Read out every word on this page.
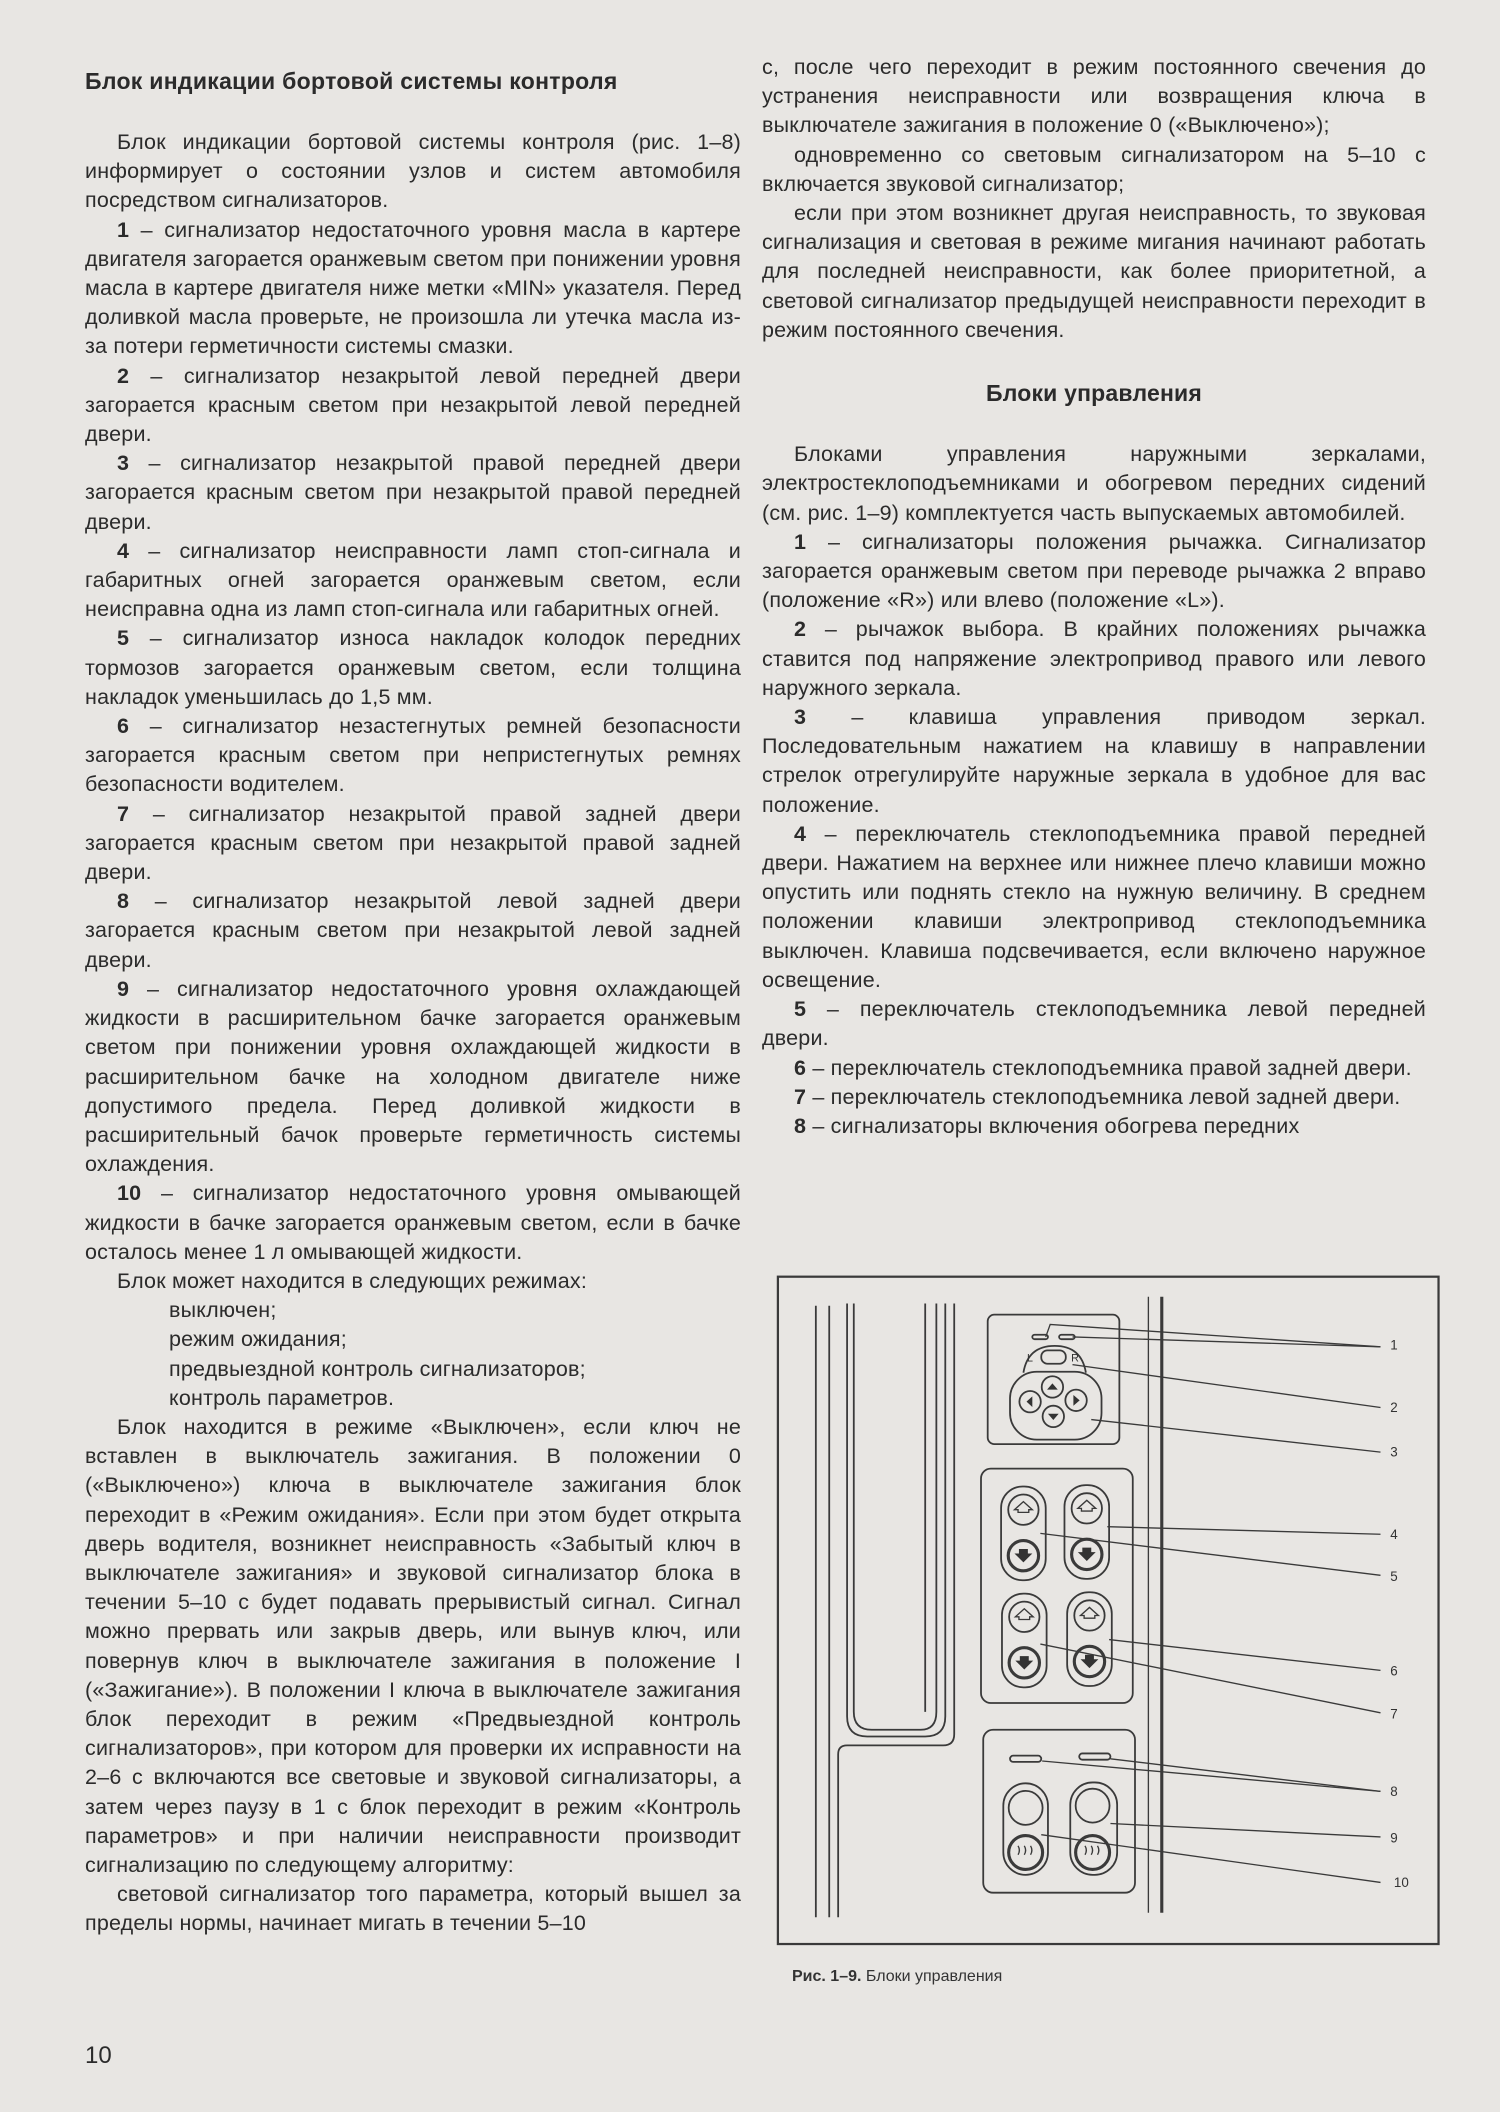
Блок индикации бортовой системы контроля

Блок индикации бортовой системы контроля (рис. 1–8) информирует о состоянии узлов и систем автомобиля посредством сигнализаторов.

1 – сигнализатор недостаточного уровня масла в картере двигателя загорается оранжевым светом при понижении уровня масла в картере двигателя ниже метки «MIN» указателя. Перед доливкой масла проверьте, не произошла ли утечка масла из-за потери герметичности системы смазки.

2 – сигнализатор незакрытой левой передней двери загорается красным светом при незакрытой левой передней двери.

3 – сигнализатор незакрытой правой передней двери загорается красным светом при незакрытой правой передней двери.

4 – сигнализатор неисправности ламп стоп-сигнала и габаритных огней загорается оранжевым светом, если неисправна одна из ламп стоп-сигнала или габаритных огней.

5 – сигнализатор износа накладок колодок передних тормозов загорается оранжевым светом, если толщина накладок уменьшилась до 1,5 мм.

6 – сигнализатор незастегнутых ремней безопасности загорается красным светом при непристегнутых ремнях безопасности водителем.

7 – сигнализатор незакрытой правой задней двери загорается красным светом при незакрытой правой задней двери.

8 – сигнализатор незакрытой левой задней двери загорается красным светом при незакрытой левой задней двери.

9 – сигнализатор недостаточного уровня охлаждающей жидкости в расширительном бачке загорается оранжевым светом при понижении уровня охлаждающей жидкости в расширительном бачке на холодном двигателе ниже допустимого предела. Перед доливкой жидкости в расширительный бачок проверьте герметичность системы охлаждения.

10 – сигнализатор недостаточного уровня омывающей жидкости в бачке загорается оранжевым светом, если в бачке осталось менее 1 л омывающей жидкости.

Блок может находится в следующих режимах:

выключен;

режим ожидания;

предвыездной контроль сигнализаторов;

контроль параметров.

Блок находится в режиме «Выключен», если ключ не вставлен в выключатель зажигания. В положении 0 («Выключено») ключа в выключателе зажигания блок переходит в «Режим ожидания». Если при этом будет открыта дверь водителя, возникнет неисправность «Забытый ключ в выключателе зажигания» и звуковой сигнализатор блока в течении 5–10 с будет подавать прерывистый сигнал. Сигнал можно прервать или закрыв дверь, или вынув ключ, или повернув ключ в выключателе зажигания в положение I («Зажигание»). В положении I ключа в выключателе зажигания блок переходит в режим «Предвыездной контроль сигнализаторов», при котором для проверки их исправности на 2–6 с включаются все световые и звуковой сигнализаторы, а затем через паузу в 1 с блок переходит в режим «Контроль параметров» и при наличии неисправности производит сигнализацию по следующему алгоритму:

световой сигнализатор того параметра, который вышел за пределы нормы, начинает мигать в течении 5–10

с, после чего переходит в режим постоянного свечения до устранения неисправности или возвращения ключа в выключателе зажигания в положение 0 («Выключено»);

одновременно со световым сигнализатором на 5–10 с включается звуковой сигнализатор;

если при этом возникнет другая неисправность, то звуковая сигнализация и световая в режиме мигания начинают работать для последней неисправности, как более приоритетной, а световой сигнализатор предыдущей неисправности переходит в режим постоянного свечения.

Блоки управления

Блоками управления наружными зеркалами, электростеклоподъемниками и обогревом передних сидений (см. рис. 1–9) комплектуется часть выпускаемых автомобилей.

1 – сигнализаторы положения рычажка. Сигнализатор загорается оранжевым светом при переводе рычажка 2 вправо (положение «R») или влево (положение «L»).

2 – рычажок выбора. В крайних положениях рычажка ставится под напряжение электропривод правого или левого наружного зеркала.

3 – клавиша управления приводом зеркал. Последовательным нажатием на клавишу в направлении стрелок отрегулируйте наружные зеркала в удобное для вас положение.

4 – переключатель стеклоподъемника правой передней двери. Нажатием на верхнее или нижнее плечо клавиши можно опустить или поднять стекло на нужную величину. В среднем положении клавиши электропривод стеклоподъемника выключен. Клавиша подсвечивается, если включено наружное освещение.

5 – переключатель стеклоподъемника левой передней двери.

6 – переключатель стеклоподъемника правой задней двери.

7 – переключатель стеклоподъемника левой задней двери.

8 – сигнализаторы включения обогрева передних

L R
1
2
3
4
5
6
7
8
9
10
Рис. 1–9. Блоки управления
10
